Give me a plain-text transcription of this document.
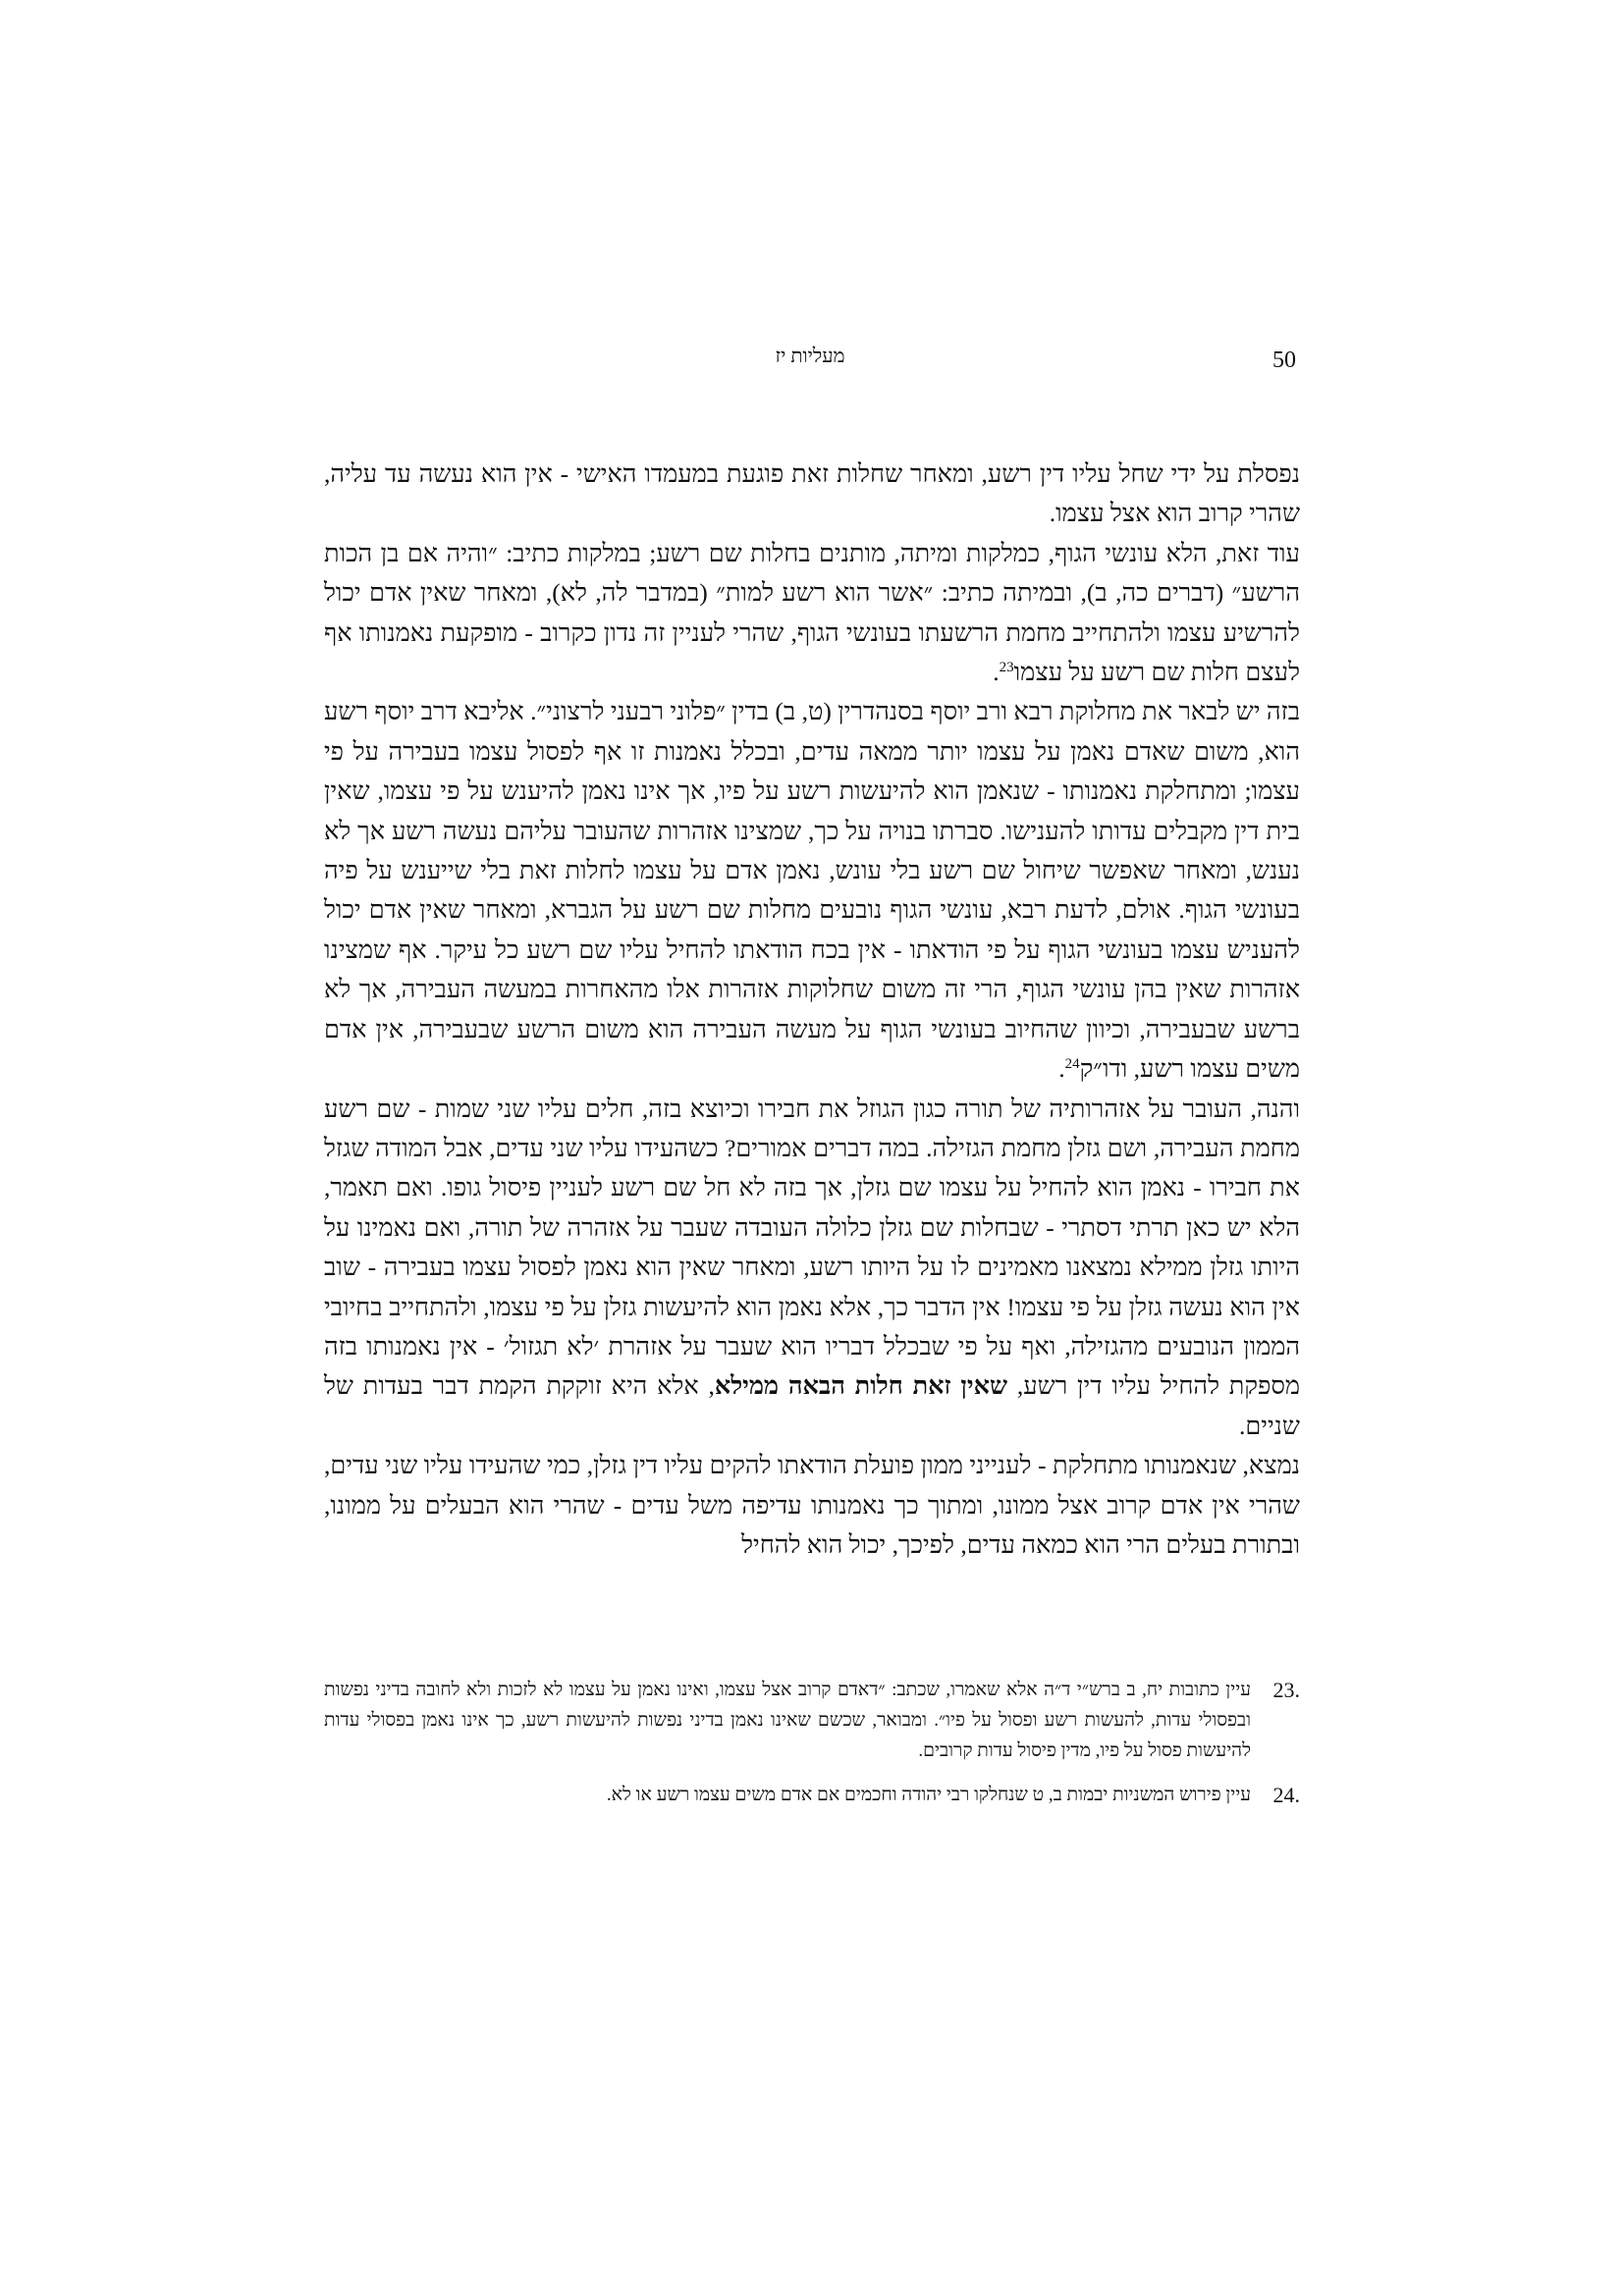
מעליות יז	50

נפסלת על ידי שחל עליו דין רשע, ומאחר שחלות זאת פוגעת במעמדו האישי - אין הוא נעשה עד עליה, שהרי קרוב הוא אצל עצמו.

עוד זאת, הלא עונשי הגוף, כמלקות ומיתה, מותנים בחלות שם רשע; במלקות כתיב: ״והיה אם בן הכות הרשע״ (דברים כה, ב), ובמיתה כתיב: ״אשר הוא רשע למות״ (במדבר לה, לא), ומאחר שאין אדם יכול להרשיע עצמו ולהתחייב מחמת הרשעתו בעונשי הגוף, שהרי לעניין זה נדון כקרוב - מופקעת נאמנותו אף לעצם חלות שם רשע על עצמו$^{23}$.

בזה יש לבאר את מחלוקת רבא ורב יוסף בסנהדרין (ט, ב) בדין ״פלוני רבעני לרצוני״. אליבא דרב יוסף רשע הוא, משום שאדם נאמן על עצמו יותר ממאה עדים, ובכלל נאמנות זו אף לפסול עצמו בעבירה על פי עצמו; ומתחלקת נאמנותו - שנאמן הוא להיעשות רשע על פיו, אך אינו נאמן להיענש על פי עצמו, שאין בית דין מקבלים עדותו להענישו. סברתו בנויה על כך, שמצינו אזהרות שהעובר עליהם נעשה רשע אך לא נענש, ומאחר שאפשר שיחול שם רשע בלי עונש, נאמן אדם על עצמו לחלות זאת בלי שייענש על פיה בעונשי הגוף. אולם, לדעת רבא, עונשי הגוף נובעים מחלות שם רשע על הגברא, ומאחר שאין אדם יכול להעניש עצמו בעונשי הגוף על פי הודאתו - אין בכח הודאתו להחיל עליו שם רשע כל עיקר. אף שמצינו אזהרות שאין בהן עונשי הגוף, הרי זה משום שחלוקות אזהרות אלו מהאחרות במעשה העבירה, אך לא ברשע שבעבירה, וכיוון שהחיוב בעונשי הגוף על מעשה העבירה הוא משום הרשע שבעבירה, אין אדם משים עצמו רשע, ודו״ק$^{24}$.

והנה, העובר על אזהרותיה של תורה כגון הגוזל את חבירו וכיוצא בזה, חלים עליו שני שמות - שם רשע מחמת העבירה, ושם גזלן מחמת הגזילה. במה דברים אמורים? כשהעידו עליו שני עדים, אבל המודה שגזל את חבירו - נאמן הוא להחיל על עצמו שם גזלן, אך בזה לא חל שם רשע לעניין פיסול גופו. ואם תאמר, הלא יש כאן תרתי דסתרי - שבחלות שם גזלן כלולה העובדה שעבר על אזהרה של תורה, ואם נאמינו על היותו גזלן ממילא נמצאנו מאמינים לו על היותו רשע, ומאחר שאין הוא נאמן לפסול עצמו בעבירה - שוב אין הוא נעשה גזלן על פי עצמו! אין הדבר כך, אלא נאמן הוא להיעשות גזלן על פי עצמו, ולהתחייב בחיובי הממון הנובעים מהגזילה, ואף על פי שבכלל דבריו הוא שעבר על אזהרת ׳לא תגזול׳ - אין נאמנותו בזה מספקת להחיל עליו דין רשע, שאין זאת חלות הבאה ממילא, אלא היא זוקקת הקמת דבר בעדות של שניים.

נמצא, שנאמנותו מתחלקת - לענייני ממון פועלת הודאתו להקים עליו דין גזלן, כמי שהעידו עליו שני עדים, שהרי אין אדם קרוב אצל ממונו, ומתוך כך נאמנותו עדיפה משל עדים - שהרי הוא הבעלים על ממונו, ובתורת בעלים הרי הוא כמאה עדים, לפיכך, יכול הוא להחיל

23.
עיין כתובות יח, ב ברש״י ד״ה אלא שאמרו, שכתב: ״דאדם קרוב אצל עצמו, ואינו נאמן על עצמו לא לזכות ולא לחובה בדיני נפשות ובפסולי עדות, להעשות רשע ופסול על פיו״. ומבואר, שכשם שאינו נאמן בדיני נפשות להיעשות רשע, כך אינו נאמן בפסולי עדות להיעשות פסול על פיו, מדין פיסול עדות קרובים.
24.
עיין פירוש המשניות יבמות ב, ט שנחלקו רבי יהודה וחכמים אם אדם משים עצמו רשע או לא.
